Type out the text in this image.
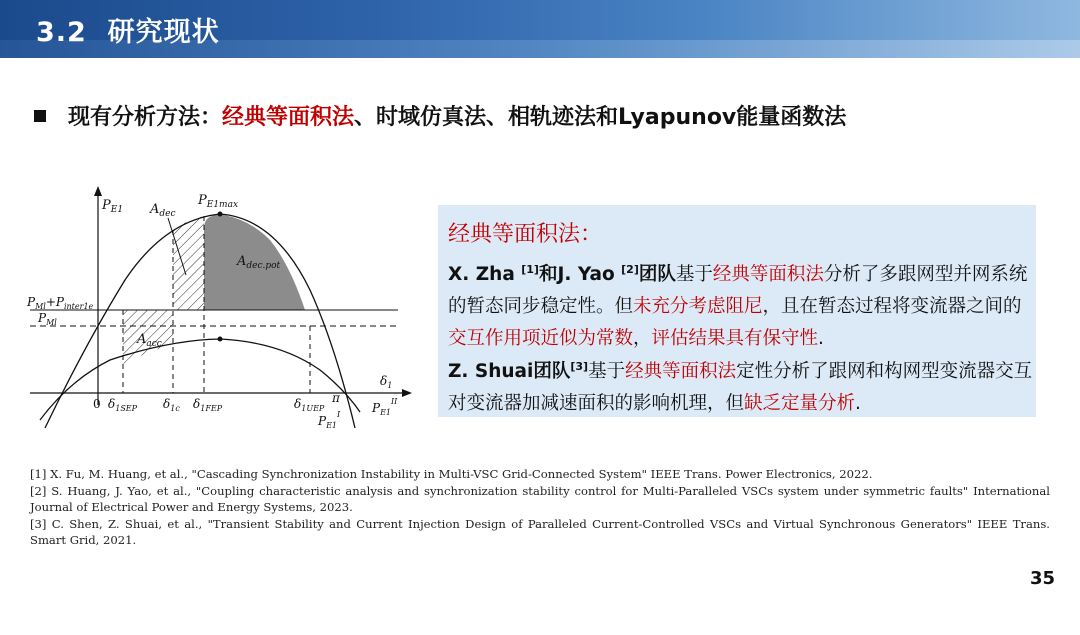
3.2 研究现状
现有分析方法：经典等面积法、时域仿真法、相轨迹法和Lyapunov能量函数法
$P_{E1}$
$P_{E1max}$
$A_{dec}$
$A_{dec.pot}$
$A_{acc}$
$P_{Ml}+P_{inter1e}$
$P_{Ml}$
0 $\delta_{1SEP}$ $\delta_{1c}$ $\delta_{1FEP}$	$\delta_{1UEP}$
π
$\delta_1$
$P_{E1}^I$	$P_{E1}^{II}$
经典等面积法：
X. Zha [1]和J. Yao [2]团队基于经典等面积法分析了多跟网型并网系统的暂态同步稳定性。但未充分考虑阻尼，且在暂态过程将变流器之间的交互作用项近似为常数，评估结果具有保守性.
Z. Shuai团队[3]基于经典等面积法定性分析了跟网和构网型变流器交互对变流器加减速面积的影响机理，但缺乏定量分析.
[1] X. Fu, M. Huang, et al., "Cascading Synchronization Instability in Multi-VSC Grid-Connected System" IEEE Trans. Power Electronics, 2022.
[2] S. Huang, J. Yao, et al., "Coupling characteristic analysis and synchronization stability control for Multi-Paralleled VSCs system under symmetric faults" International Journal of Electrical Power and Energy Systems, 2023.
[3] C. Shen, Z. Shuai, et al., "Transient Stability and Current Injection Design of Paralleled Current-Controlled VSCs and Virtual Synchronous Generators" IEEE Trans. Smart Grid, 2021.
35
